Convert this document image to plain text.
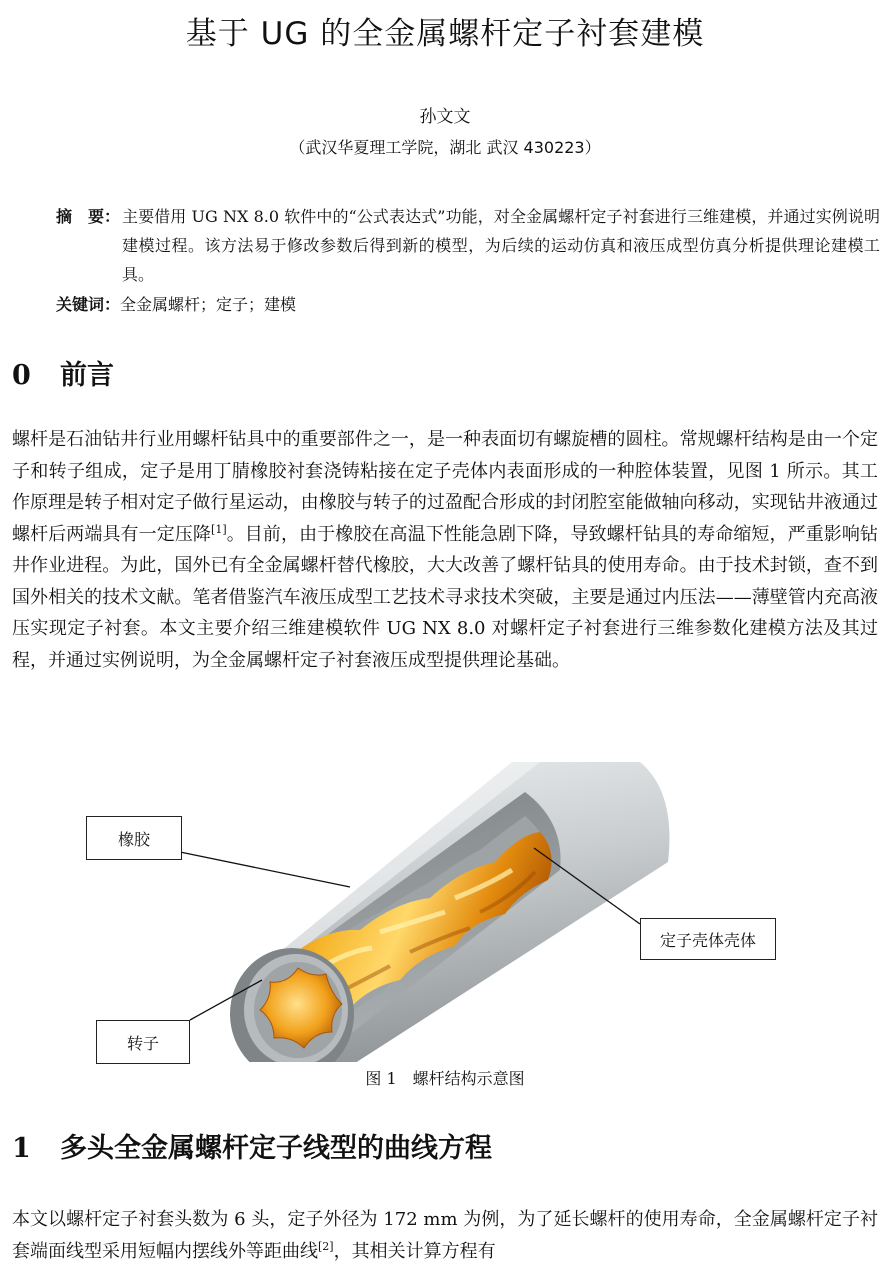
基于 UG 的全金属螺杆定子衬套建模
孙文文
（武汉华夏理工学院，湖北 武汉 430223）
摘　要： 主要借用 UG NX 8.0 软件中的“公式表达式”功能，对全金属螺杆定子衬套进行三维建模，并通过实例说明建模过程。该方法易于修改参数后得到新的模型，为后续的运动仿真和液压成型仿真分析提供理论建模工具。
关键词：全金属螺杆；定子；建模
0 前言
螺杆是石油钻井行业用螺杆钻具中的重要部件之一，是一种表面切有螺旋槽的圆柱。常规螺杆结构是由一个定子和转子组成，定子是用丁腈橡胶衬套浇铸粘接在定子壳体内表面形成的一种腔体装置，见图 1 所示。其工作原理是转子相对定子做行星运动，由橡胶与转子的过盈配合形成的封闭腔室能做轴向移动，实现钻井液通过螺杆后两端具有一定压降[1]。目前，由于橡胶在高温下性能急剧下降，导致螺杆钻具的寿命缩短，严重影响钻井作业进程。为此，国外已有全金属螺杆替代橡胶，大大改善了螺杆钻具的使用寿命。由于技术封锁，查不到国外相关的技术文献。笔者借鉴汽车液压成型工艺技术寻求技术突破，主要是通过内压法——薄壁管内充高液压实现定子衬套。本文主要介绍三维建模软件 UG NX 8.0 对螺杆定子衬套进行三维参数化建模方法及其过程，并通过实例说明，为全金属螺杆定子衬套液压成型提供理论基础。
橡胶
定子壳体壳体
转子
图 1　螺杆结构示意图
1 多头全金属螺杆定子线型的曲线方程
本文以螺杆定子衬套头数为 6 头，定子外径为 172 mm 为例，为了延长螺杆的使用寿命，全金属螺杆定子衬套端面线型采用短幅内摆线外等距曲线[2]，其相关计算方程有
